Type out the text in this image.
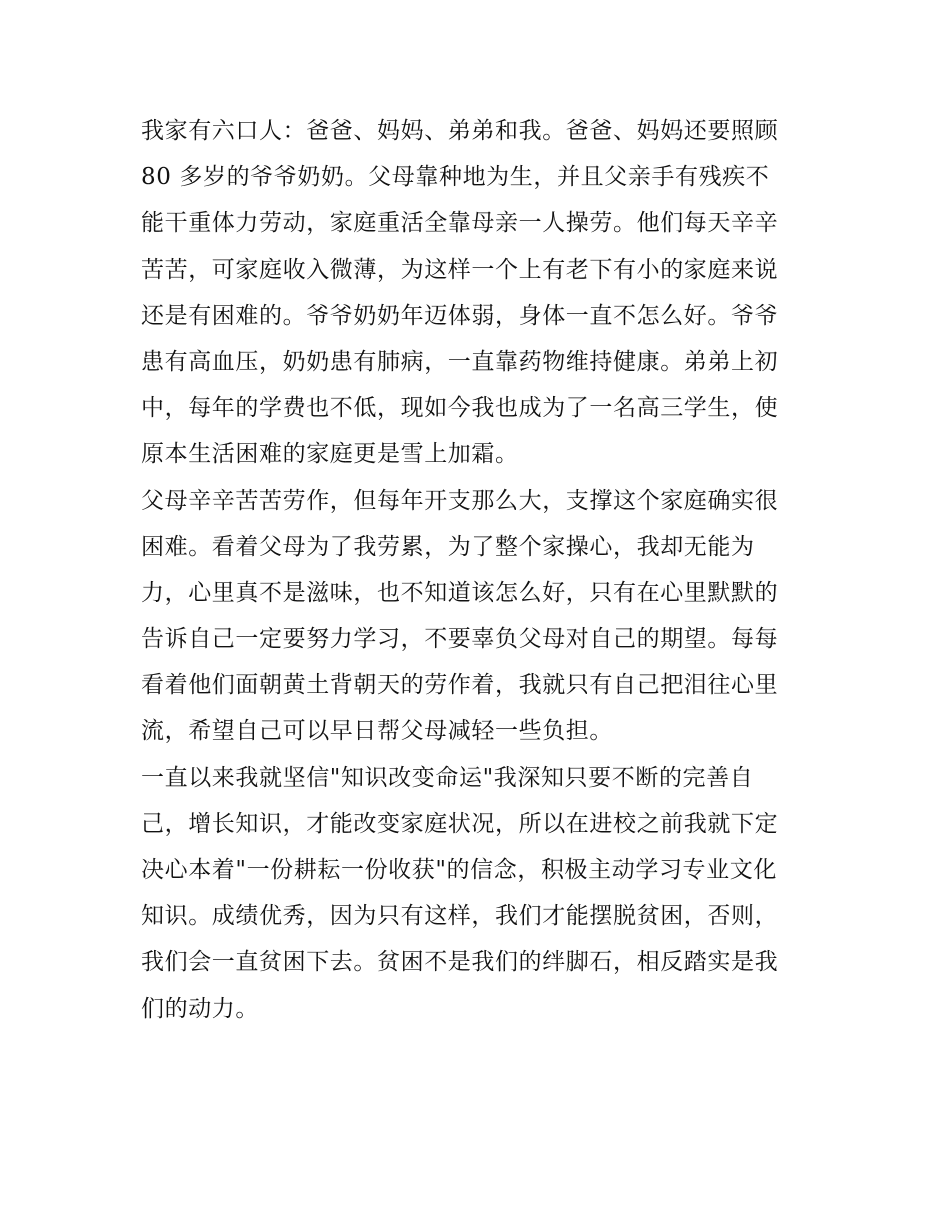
我家有六口人：爸爸、妈妈、弟弟和我。爸爸、妈妈还要照顾
80 多岁的爷爷奶奶。父母靠种地为生，并且父亲手有残疾不
能干重体力劳动，家庭重活全靠母亲一人操劳。他们每天辛辛
苦苦，可家庭收入微薄，为这样一个上有老下有小的家庭来说
还是有困难的。爷爷奶奶年迈体弱，身体一直不怎么好。爷爷
患有高血压，奶奶患有肺病，一直靠药物维持健康。弟弟上初
中，每年的学费也不低，现如今我也成为了一名高三学生，使
原本生活困难的家庭更是雪上加霜。
父母辛辛苦苦劳作，但每年开支那么大，支撑这个家庭确实很
困难。看着父母为了我劳累，为了整个家操心，我却无能为
力，心里真不是滋味，也不知道该怎么好，只有在心里默默的
告诉自己一定要努力学习，不要辜负父母对自己的期望。每每
看着他们面朝黄土背朝天的劳作着，我就只有自己把泪往心里
流，希望自己可以早日帮父母减轻一些负担。
一直以来我就坚信"知识改变命运"我深知只要不断的完善自
己，增长知识，才能改变家庭状况，所以在进校之前我就下定
决心本着"一份耕耘一份收获"的信念，积极主动学习专业文化
知识。成绩优秀，因为只有这样，我们才能摆脱贫困，否则，
我们会一直贫困下去。贫困不是我们的绊脚石，相反踏实是我
们的动力。
